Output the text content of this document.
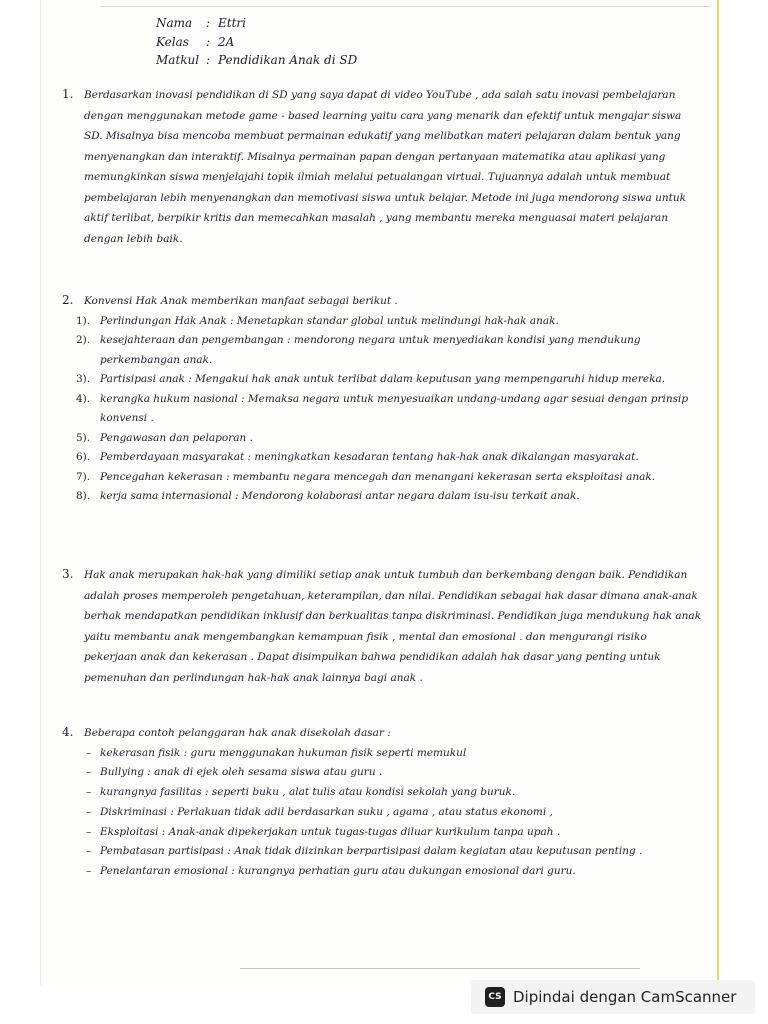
Nama	: Ettri
Kelas	: 2A
Matkul : Pendidikan Anak di SD

1. Berdasarkan inovasi pendidikan di SD yang saya dapat di video YouTube , ada salah satu inovasi pembelajaran dengan menggunakan metode game - based learning yaitu cara yang menarik dan efektif untuk mengajar siswa SD. Misalnya bisa mencoba membuat permainan edukatif yang melibatkan materi pelajaran dalam bentuk yang menyenangkan dan interaktif. Misalnya permainan papan dengan pertanyaan matematika atau aplikasi yang memungkinkan siswa menjelajahi topik ilmiah melalui petualangan virtual. Tujuannya adalah untuk membuat pembelajaran lebih menyenangkan dan memotivasi siswa untuk belajar. Metode ini juga mendorong siswa untuk aktif terlibat, berpikir kritis dan memecahkan masalah , yang membantu mereka menguasai materi pelajaran dengan lebih baik.

2. Konvensi Hak Anak memberikan manfaat sebagai berikut .

1). Perlindungan Hak Anak : Menetapkan standar global untuk melindungi hak-hak anak.
2). kesejahteraan dan pengembangan : mendorong negara untuk menyediakan kondisi yang mendukung perkembangan anak.
3). Partisipasi anak : Mengakui hak anak untuk terlibat dalam keputusan yang mempengaruhi hidup mereka.
4). kerangka hukum nasional : Memaksa negara untuk menyesuaikan undang-undang agar sesuai dengan prinsip konvensi .
5). Pengawasan dan pelaporan .
6). Pemberdayaan masyarakat : meningkatkan kesadaran tentang hak-hak anak dikalangan masyarakat.
7). Pencegahan kekerasan : membantu negara mencegah dan menangani kekerasan serta eksploitasi anak.
8). kerja sama internasional : Mendorong kolaborasi antar negara dalam isu-isu terkait anak.

3. Hak anak merupakan hak-hak yang dimiliki setiap anak untuk tumbuh dan berkembang dengan baik. Pendidikan adalah proses memperoleh pengetahuan, keterampilan, dan nilai. Pendidikan sebagai hak dasar dimana anak-anak berhak mendapatkan pendidikan inklusif dan berkualitas tanpa diskriminasi. Pendidikan juga mendukung hak anak yaitu membantu anak mengembangkan kemampuan fisik , mental dan emosional . dan mengurangi risiko pekerjaan anak dan kekerasan . Dapat disimpulkan bahwa pendidikan adalah hak dasar yang penting untuk pemenuhan dan perlindungan hak-hak anak lainnya bagi anak .

4. Beberapa contoh pelanggaran hak anak disekolah dasar :

– kekerasan fisik : guru menggunakan hukuman fisik seperti memukul
– Bullying : anak di ejek oleh sesama siswa atau guru .
– kurangnya fasilitas : seperti buku , alat tulis atau kondisi sekolah yang buruk.
– Diskriminasi : Perlakuan tidak adil berdasarkan suku , agama , atau status ekonomi ,
– Eksploitasi : Anak-anak dipekerjakan untuk tugas-tugas diluar kurikulum tanpa upah .
– Pembatasan partisipasi : Anak tidak diizinkan berpartisipasi dalam kegiatan atau keputusan penting .
– Penelantaran emosional : kurangnya perhatian guru atau dukungan emosional dari guru.
CS Dipindai dengan CamScanner
